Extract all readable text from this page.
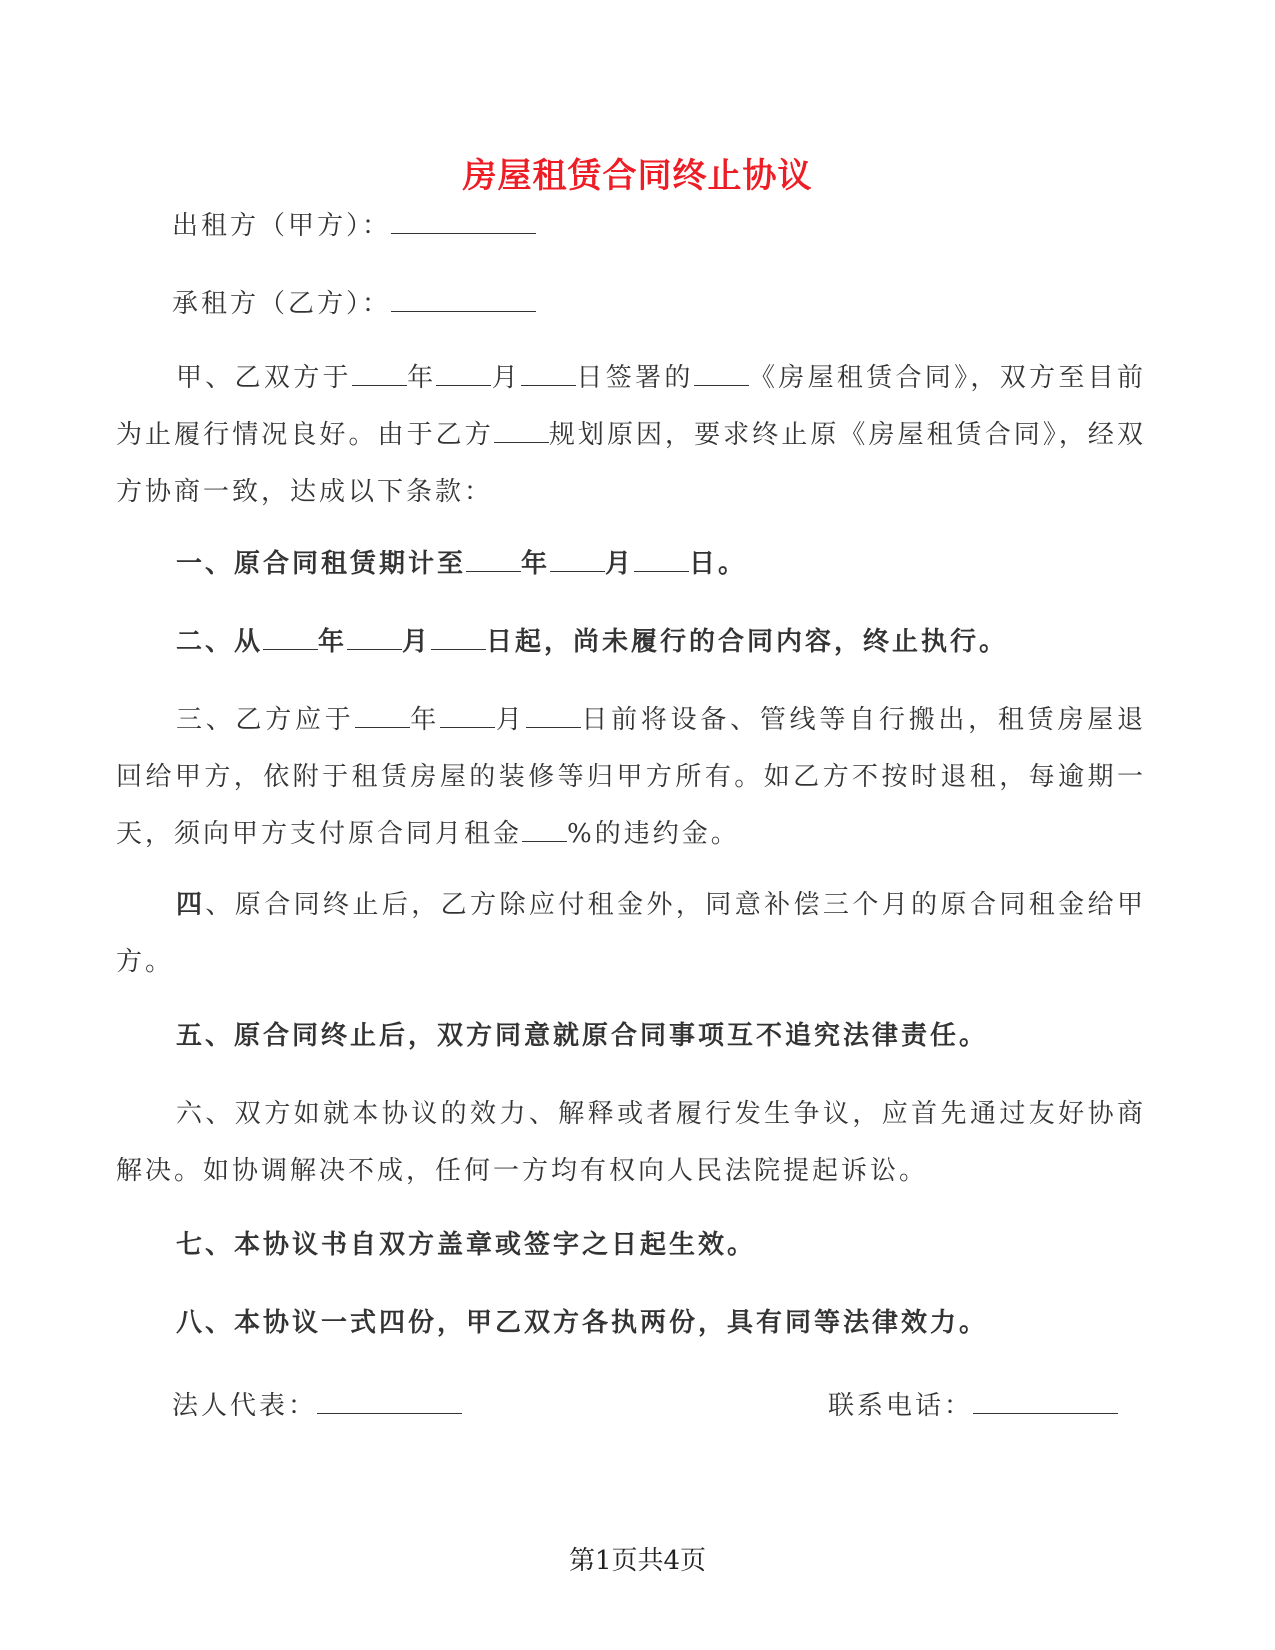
房屋租赁合同终止协议
出租方（甲方）：
承租方（乙方）：
甲、乙双方于 年 月 日签署的 《房屋租赁合同》，双方至目前为止履行情况良好。由于乙方 规划原因，要求终止原《房屋租赁合同》，经双方协商一致，达成以下条款：
一、原合同租赁期计至 年 月 日。
二、从 年 月 日起，尚未履行的合同内容，终止执行。
三、乙方应于 年 月 日前将设备、管线等自行搬出，租赁房屋退回给甲方，依附于租赁房屋的装修等归甲方所有。如乙方不按时退租，每逾期一天，须向甲方支付原合同月租金 %的违约金。
四、原合同终止后，乙方除应付租金外，同意补偿三个月的原合同租金给甲方。
五、原合同终止后，双方同意就原合同事项互不追究法律责任。
六、双方如就本协议的效力、解释或者履行发生争议，应首先通过友好协商解决。如协调解决不成，任何一方均有权向人民法院提起诉讼。
七、本协议书自双方盖章或签字之日起生效。
八、本协议一式四份，甲乙双方各执两份，具有同等法律效力。
法人代表：	联系电话：
第1页共4页
